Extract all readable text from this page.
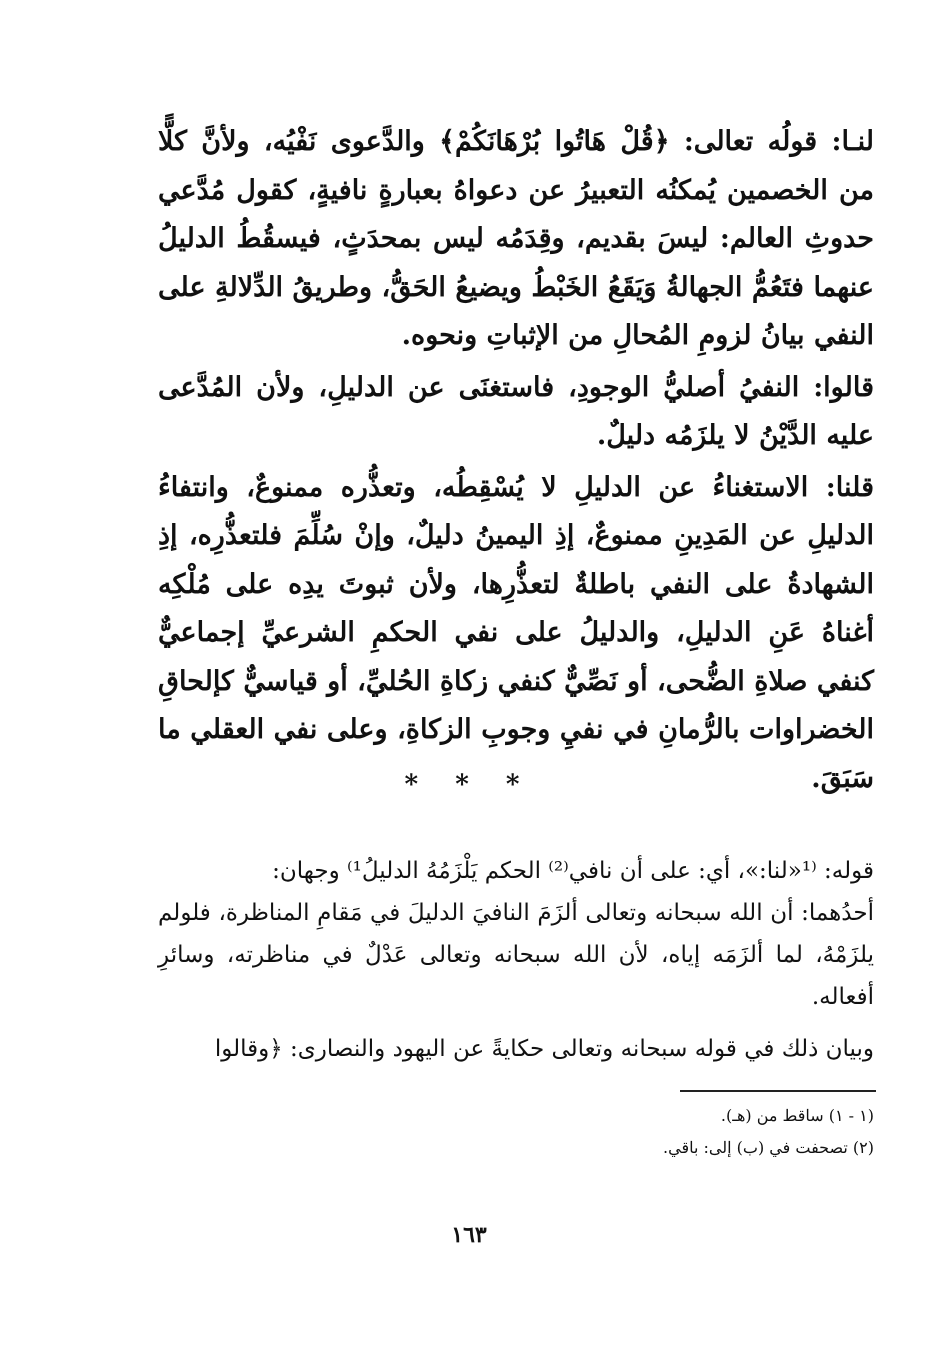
لنـا: قولُه تعالى: ﴿قُلْ هَاتُوا بُرْهَانَكُمْ﴾ والدَّعوى نَفْيُه، ولأنَّ كلًّا من الخصمين يُمكنُه التعبيرُ عن دعواهُ بعبارةٍ نافيةٍ، كقول مُدَّعي حدوثِ العالم: ليسَ بقديم، وقِدَمُه ليس بمحدَثٍ، فيسقُطُ الدليلُ عنهما فتَعُمُّ الجهالةُ وَيَقَعُ الخَبْطُ ويضيعُ الحَقُّ، وطريقُ الدِّلالةِ على النفي بيانُ لزومِ المُحالِ من الإثباتِ ونحوه.

قالوا: النفيُ أصليُّ الوجودِ، فاستغنَى عن الدليلِ، ولأن المُدَّعى عليه الدَّيْنُ لا يلزَمُه دليلٌ.

قلنا: الاستغناءُ عن الدليلِ لا يُسْقِطُه، وتعذُّره ممنوعٌ، وانتفاءُ الدليلِ عن المَدِينِ ممنوعٌ، إذِ اليمينُ دليلٌ، وإنْ سُلِّمَ فلتعذُّرِه، إذِ الشهادةُ على النفي باطلةٌ لتعذُّرِها، ولأن ثبوتَ يدِه على مُلْكِه أغناهُ عَنِ الدليلِ، والدليلُ على نفي الحكمِ الشرعيِّ إجماعيٌّ كنفي صلاةِ الضُّحى، أو نَصِّيٌّ كنفي زكاةِ الحُليِّ، أو قياسيٌّ كإلحاقِ الخضراوات بالرُّمانِ في نفيِ وجوبِ الزكاةِ، وعلى نفي العقلي ما سَبَقَ.

* * *

قوله: ⁽¹«لنا:»، أي: على أن نافي⁽²⁾ الحكم يَلْزَمُهُ الدليلُ¹⁾ وجهان:

أحدُهما: أن الله سبحانه وتعالى ألزَمَ النافيَ الدليلَ في مَقامِ المناظرة، فلولم يلزَمْهُ، لما ألزَمَه إياه، لأن الله سبحانه وتعالى عَدْلٌ في مناظرته، وسائرِ أفعاله.

وبيان ذلك في قوله سبحانه وتعالى حكايةً عن اليهود والنصارى: ﴿وقالوا

(١ - ١) ساقط من (هـ).

(٢) تصحفت في (ب) إلى: باقي.

١٦٣
